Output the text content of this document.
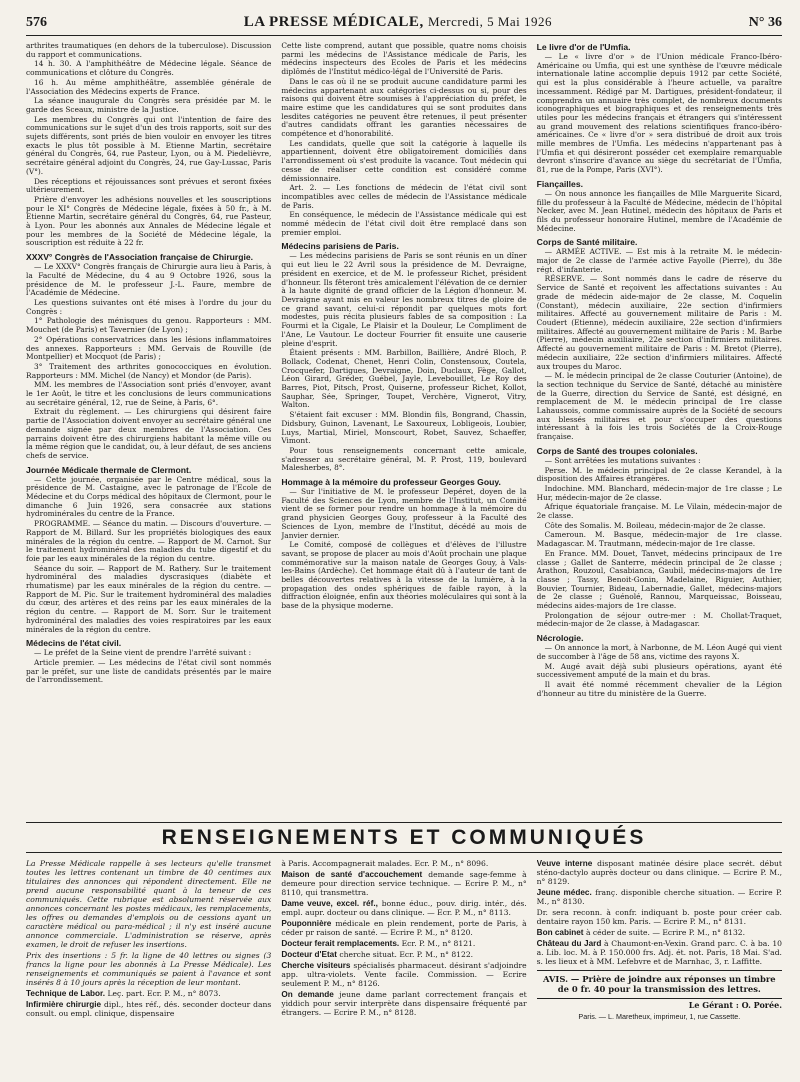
576	LA PRESSE MÉDICALE, Mercredi, 5 Mai 1926	N° 36

arthrites traumatiques (en dehors de la tuberculose). Discussion du rapport et communications.

14 h. 30. A l'amphithéâtre de Médecine légale. Séance de communications et clôture du Congrès.

16 h. Au même amphithéâtre, assemblée générale de l'Association des Médecins experts de France.

La séance inaugurale du Congrès sera présidée par M. le garde des Sceaux, ministre de la Justice.

Les membres du Congrès qui ont l'intention de faire des communications sur le sujet d'un des trois rapports, soit sur des sujets différents, sont priés de bien vouloir en envoyer les titres exacts le plus tôt possible à M. Etienne Martin, secrétaire général du Congrès, 64, rue Pasteur, Lyon, ou à M. Piedelièvre, secrétaire général adjoint du Congrès, 24, rue Gay-Lussac, Paris (V°).

Des réceptions et réjouissances sont prévues et seront fixées ultérieurement.

Prière d'envoyer les adhésions nouvelles et les souscriptions pour le XI° Congrès de Médecine légale, fixées à 50 fr., à M. Etienne Martin, secrétaire général du Congrès, 64, rue Pasteur, à Lyon. Pour les abonnés aux Annales de Médecine légale et pour les membres de la Société de Médecine légale, la souscription est réduite à 22 fr.

XXXV° Congrès de l'Association française de Chirurgie.

— Le XXXV° Congrès français de Chirurgie aura lieu à Paris, à la Faculté de Médecine, du 4 au 9 Octobre 1926, sous la présidence de M. le professeur J.-L. Faure, membre de l'Académie de Médecine.

Les questions suivantes ont été mises à l'ordre du jour du Congrès :

1° Pathologie des ménisques du genou. Rapporteurs : MM. Mouchet (de Paris) et Tavernier (de Lyon) ;

2° Opérations conservatrices dans les lésions inflammatoires des annexes. Rapporteurs : MM. Gervais de Rouville (de Montpellier) et Mocquot (de Paris) ;

3° Traitement des arthrites gonococciques en évolution. Rapporteurs : MM. Michel (de Nancy) et Mondor (de Paris).

MM. les membres de l'Association sont priés d'envoyer, avant le 1er Août, le titre et les conclusions de leurs communications au secrétaire général, 12, rue de Seine, à Paris, 6°.

Extrait du règlement. — Les chirurgiens qui désirent faire partie de l'Association doivent envoyer au secrétaire général une demande signée par deux membres de l'Association. Ces parrains doivent être des chirurgiens habitant la même ville ou la même région que le candidat, ou, à leur défaut, de ses anciens chefs de service.

Journée Médicale thermale de Clermont.

— Cette journée, organisée par le Centre médical, sous la présidence de M. Castaigne, avec le patronage de l'Ecole de Médecine et du Corps médical des hôpitaux de Clermont, pour le dimanche 6 Juin 1926, sera consacrée aux stations hydrominérales du centre de la France.

PROGRAMME. — Séance du matin. — Discours d'ouverture. — Rapport de M. Billard. Sur les propriétés biologiques des eaux minérales de la région du centre. — Rapport de M. Carnot. Sur le traitement hydrominéral des maladies du tube digestif et du foie par les eaux minérales de la région du centre.

Séance du soir. — Rapport de M. Rathery. Sur le traitement hydrominéral des maladies dyscrasiques (diabète et rhumatisme) par les eaux minérales de la région du centre. — Rapport de M. Pic. Sur le traitement hydrominéral des maladies du cœur, des artères et des reins par les eaux minérales de la région du centre. — Rapport de M. Sorr. Sur le traitement hydrominéral des maladies des voies respiratoires par les eaux minérales de la région du centre.

Médecins de l'état civil.

— Le préfet de la Seine vient de prendre l'arrêté suivant :

Article premier. — Les médecins de l'état civil sont nommés par le préfet, sur une liste de candidats présentés par le maire de l'arrondissement.

Cette liste comprend, autant que possible, quatre noms choisis parmi les médecins de l'Assistance médicale de Paris, les médecins inspecteurs des Ecoles de Paris et les médecins diplômés de l'Institut médico-légal de l'Université de Paris.

Dans le cas où il ne se produit aucune candidature parmi les médecins appartenant aux catégories ci-dessus ou si, pour des raisons qui doivent être soumises à l'appréciation du préfet, le maire estime que les candidatures qui se sont produites dans lesdites catégories ne peuvent être retenues, il peut présenter d'autres candidats offrant les garanties nécessaires de compétence et d'honorabilité.

Les candidats, quelle que soit la catégorie à laquelle ils appartiennent, doivent être obligatoirement domiciliés dans l'arrondissement où s'est produite la vacance. Tout médecin qui cesse de réaliser cette condition est considéré comme démissionnaire.

Art. 2. — Les fonctions de médecin de l'état civil sont incompatibles avec celles de médecin de l'Assistance médicale de Paris.

En conséquence, le médecin de l'Assistance médicale qui est nommé médecin de l'état civil doit être remplacé dans son premier emploi.

Médecins parisiens de Paris.

— Les médecins parisiens de Paris se sont réunis en un dîner qui eut lieu le 22 Avril sous la présidence de M. Devraigne, président en exercice, et de M. le professeur Richet, président d'honneur. Ils fêteront très amicalement l'élévation de ce dernier à la haute dignité de grand officier de la Légion d'honneur. M. Devraigne ayant mis en valeur les nombreux titres de gloire de ce grand savant, celui-ci répondit par quelques mots fort modestes, puis récita plusieurs fables de sa composition : La Fourmi et la Cigale, Le Plaisir et la Douleur, Le Compliment de l'Ane, Le Vautour. Le docteur Fourrier fit ensuite une causerie pleine d'esprit.

Étaient présents : MM. Barbillon, Baillière, André Bloch, P. Bollack, Codenat, Chenet, Henri Colin, Constensoux, Coutela, Crocquefer, Dartigues, Devraigne, Doin, Duclaux, Fège, Gallot, Léon Girard, Gréder, Guébel, Jayle, Levebouillet, Le Roy des Barres, Piot, Pitsch, Prost, Quiserne, professeur Richet, Kollot, Sauphar, Sée, Springer, Toupet, Verchère, Vignerot, Vitry, Walton.

S'étaient fait excuser : MM. Blondin fils, Bongrand, Chassin, Didsbury, Guinon, Lavenant, Le Saxoureux, Lobligeois, Loubier, Luys, Martial, Miriel, Monscourt, Robet, Sauvez, Schaeffer, Vimont.

Pour tous renseignements concernant cette amicale, s'adresser au secrétaire général, M. P. Prost, 119, boulevard Malesherbes, 8°.

Hommage à la mémoire du professeur Georges Gouy.

— Sur l'initiative de M. le professeur Depéret, doyen de la Faculté des Sciences de Lyon, membre de l'Institut, un Comité vient de se former pour rendre un hommage à la mémoire du grand physicien Georges Gouy, professeur à la Faculté des Sciences de Lyon, membre de l'Institut, décédé au mois de Janvier dernier.

Le Comité, composé de collègues et d'élèves de l'illustre savant, se propose de placer au mois d'Août prochain une plaque commémorative sur la maison natale de Georges Gouy, à Vals-les-Bains (Ardèche). Cet hommage était dû à l'auteur de tant de belles découvertes relatives à la vitesse de la lumière, à la propagation des ondes sphériques de faible rayon, à la diffraction éloignée, enfin aux théories moléculaires qui sont à la base de la physique moderne.

Le livre d'or de l'Umfia.

— Le « livre d'or » de l'Union médicale Franco-Ibéro-Américaine ou Umfia, qui est une synthèse de l'œuvre médicale internationale latine accomplie depuis 1912 par cette Société, qui est la plus considérable à l'heure actuelle, va paraître incessamment. Rédigé par M. Dartigues, président-fondateur, il comprendra un annuaire très complet, de nombreux documents iconographiques et biographiques et des renseignements très utiles pour les médecins français et étrangers qui s'intéressent au grand mouvement des relations scientifiques franco-ibéro-américaines. Ce « livre d'or » sera distribué de droit aux trois mille membres de l'Umfia. Les médecins n'appartenant pas à l'Umfia et qui désireront posséder cet exemplaire remarquable devront s'inscrire d'avance au siège du secrétariat de l'Umfia, 81, rue de la Pompe, Paris (XVI°).

Fiançailles.

— On nous annonce les fiançailles de Mlle Marguerite Sicard, fille du professeur à la Faculté de Médecine, médecin de l'hôpital Necker, avec M. Jean Hutinel, médecin des hôpitaux de Paris et fils du professeur honoraire Hutinel, membre de l'Académie de Médecine.

Corps de Santé militaire.

— ARMÉE ACTIVE. — Est mis à la retraite M. le médecin-major de 2e classe de l'armée active Fayolle (Pierre), du 38e régt. d'infanterie.

RÉSERVE. — Sont nommés dans le cadre de réserve du Service de Santé et reçoivent les affectations suivantes : Au grade de médecin aide-major de 2e classe, M. Coquelin (Constant), médecin auxiliaire, 22e section d'infirmiers militaires. Affecté au gouvernement militaire de Paris : M. Coudert (Etienne), médecin auxiliaire, 22e section d'infirmiers militaires. Affecté au gouvernement militaire de Paris : M. Barbe (Pierre), médecin auxiliaire, 22e section d'infirmiers militaires. Affecté au gouvernement militaire de Paris : M. Bretot (Pierre), médecin auxiliaire, 22e section d'infirmiers militaires. Affecté aux troupes du Maroc.

— M. le médecin principal de 2e classe Couturier (Antoine), de la section technique du Service de Santé, détaché au ministère de la Guerre, direction du Service de Santé, est désigné, en remplacement de M. le médecin principal de 1re classe Lahaussois, comme commissaire auprès de la Société de secours aux blessés militaires et pour s'occuper des questions intéressant à la fois les trois Sociétés de la Croix-Rouge française.

Corps de Santé des troupes coloniales.

— Sont arrêtées les mutations suivantes :

Perse. M. le médecin principal de 2e classe Kerandel, à la disposition des Affaires étrangères.

Indochine. MM. Blanchard, médecin-major de 1re classe ; Le Hur, médecin-major de 2e classe.

Afrique équatoriale française. M. Le Vilain, médecin-major de 2e classe.

Côte des Somalis. M. Boileau, médecin-major de 2e classe.

Cameroun. M. Basque, médecin-major de 1re classe. Madagascar. M. Trautmann, médecin-major de 1re classe.

En France. MM. Douet, Tanvet, médecins principaux de 1re classe ; Gallet de Santerre, médecin principal de 2e classe ; Arathon, Rouzoul, Casabianca, Gaubil, médecins-majors de 1re classe ; Tassy, Benoit-Gonin, Madelaine, Riguier, Authier, Bouvier, Tournier, Bideau, Labernadie, Gallet, médecins-majors de 2e classe ; Guénolé, Rannou, Marqueissac, Boisseau, médecins aides-majors de 1re classe.

Prolongation de séjour outre-mer : M. Chollat-Traquet, médecin-major de 2e classe, à Madagascar.

Nécrologie.

— On annonce la mort, à Narbonne, de M. Léon Augé qui vient de succomber à l'âge de 58 ans, victime des rayons X.

M. Augé avait déjà subi plusieurs opérations, ayant été successivement amputé de la main et du bras.

Il avait été nommé récemment chevalier de la Légion d'honneur au titre du ministère de la Guerre.

RENSEIGNEMENTS ET COMMUNIQUÉS

La Presse Médicale rappelle à ses lecteurs qu'elle transmet toutes les lettres contenant un timbre de 40 centimes aux titulaires des annonces qui répondent directement. Elle ne prend aucune responsabilité quant à la teneur de ces communiqués. Cette rubrique est absolument réservée aux annonces concernant les postes médicaux, les remplacements, les offres ou demandes d'emplois ou de cessions ayant un caractère médical ou para-médical ; il n'y est inséré aucune annonce commerciale. L'administration se réserve, après examen, le droit de refuser les insertions.

Prix des insertions : 5 fr. la ligne de 40 lettres ou signes (3 francs la ligne pour les abonnés à La Presse Médicale). Les renseignements et communiqués se paient à l'avance et sont insérés 8 à 10 jours après la réception de leur montant.

Technique de Labor. Leç. part. Ecr. P. M., n° 8073.

Infirmière chirurgie dipl., htes réf., dés. seconder docteur dans consult. ou empl. clinique, dispensaire

à Paris. Accompagnerait malades. Ecr. P. M., n° 8096.

Maison de santé d'accouchement demande sage-femme à demeure pour direction service technique. — Ecrire P. M., n° 8110, qui transmettra.

Dame veuve, excel. réf., bonne éduc., pouv. dirig. intér., dés. empl. aupr. docteur ou dans clinique. — Ecr. P. M., n° 8113.

Pouponnière médicale en plein rendement, porte de Paris, à céder pr raison de santé. — Ecrire P. M., n° 8120.

Docteur ferait remplacements. Ecr. P. M., n° 8121.

Docteur d'Etat cherche situat. Ecr. P. M., n° 8122.

Cherche visiteurs spécialisés pharmaceut. désirant s'adjoindre app. ultra-violets. Vente facile. Commission. — Ecrire seulement P. M., n° 8126.

On demande jeune dame parlant correctement français et yiddich pour servir interprète dans dispensaire fréquenté par étrangers. — Ecrire P. M., n° 8128.

Veuve interne disposant matinée désire place secrét. début sténo-dactylo auprès docteur ou dans clinique. — Ecrire P. M., n° 8129.

Jeune médec. franç. disponible cherche situation. — Ecrire P. M., n° 8130.

Dr. sera reconn. à confr. indiquant b. poste pour créer cab. dentaire rayon 150 km. Paris. — Ecrire P. M., n° 8131.

Bon cabinet à céder de suite. — Ecrire P. M., n° 8132.

Château du Jard à Chaumont-en-Vexin. Grand parc. C. à ba. 10 a. Lib. loc. M. à P. 150.000 frs. Adj. ét. not. Paris, 18 Mai. S'ad. s. les lieux et à MM. Lefebvre et de Marnhac, 3, r. Laffitte.

AVIS. — Prière de joindre aux réponses un timbre de 0 fr. 40 pour la transmission des lettres.
Le Gérant : O. Porée.
Paris. — L. Maretheux, imprimeur, 1, rue Cassette.
